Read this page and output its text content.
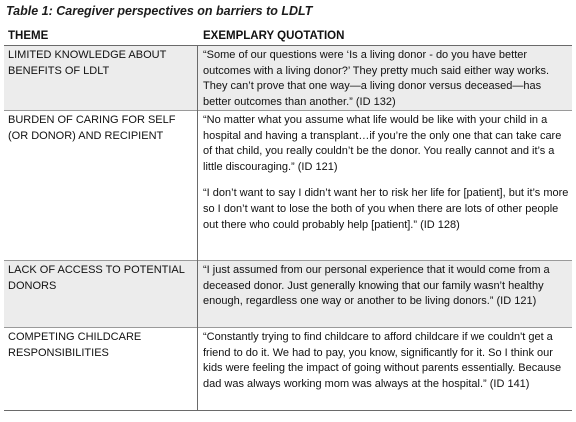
Table 1: Caregiver perspectives on barriers to LDLT
THEME	EXEMPLARY QUOTATION
LIMITED KNOWLEDGE ABOUT BENEFITS OF LDLT

“Some of our questions were ‘Is a living donor - do you have better outcomes with a living donor?’ They pretty much said either way works. They can’t prove that one way—a living donor versus deceased—has better outcomes than another.” (ID 132)

BURDEN OF CARING FOR SELF (OR DONOR) AND RECIPIENT

“No matter what you assume what life would be like with your child in a hospital and having a transplant…if you’re the only one that can take care of that child, you really couldn’t be the donor. You really cannot and it’s a little discouraging.” (ID 121)

“I don’t want to say I didn’t want her to risk her life for [patient], but it’s more so I don’t want to lose the both of you when there are lots of other people out there who could probably help [patient].” (ID 128)

LACK OF ACCESS TO POTENTIAL DONORS

“I just assumed from our personal experience that it would come from a deceased donor. Just generally knowing that our family wasn’t healthy enough, regardless one way or another to be living donors.” (ID 121)

COMPETING CHILDCARE RESPONSIBILITIES

“Constantly trying to find childcare to afford childcare if we couldn't get a friend to do it. We had to pay, you know, significantly for it. So I think our kids were feeling the impact of going without parents essentially. Because dad was always working mom was always at the hospital.” (ID 141)
